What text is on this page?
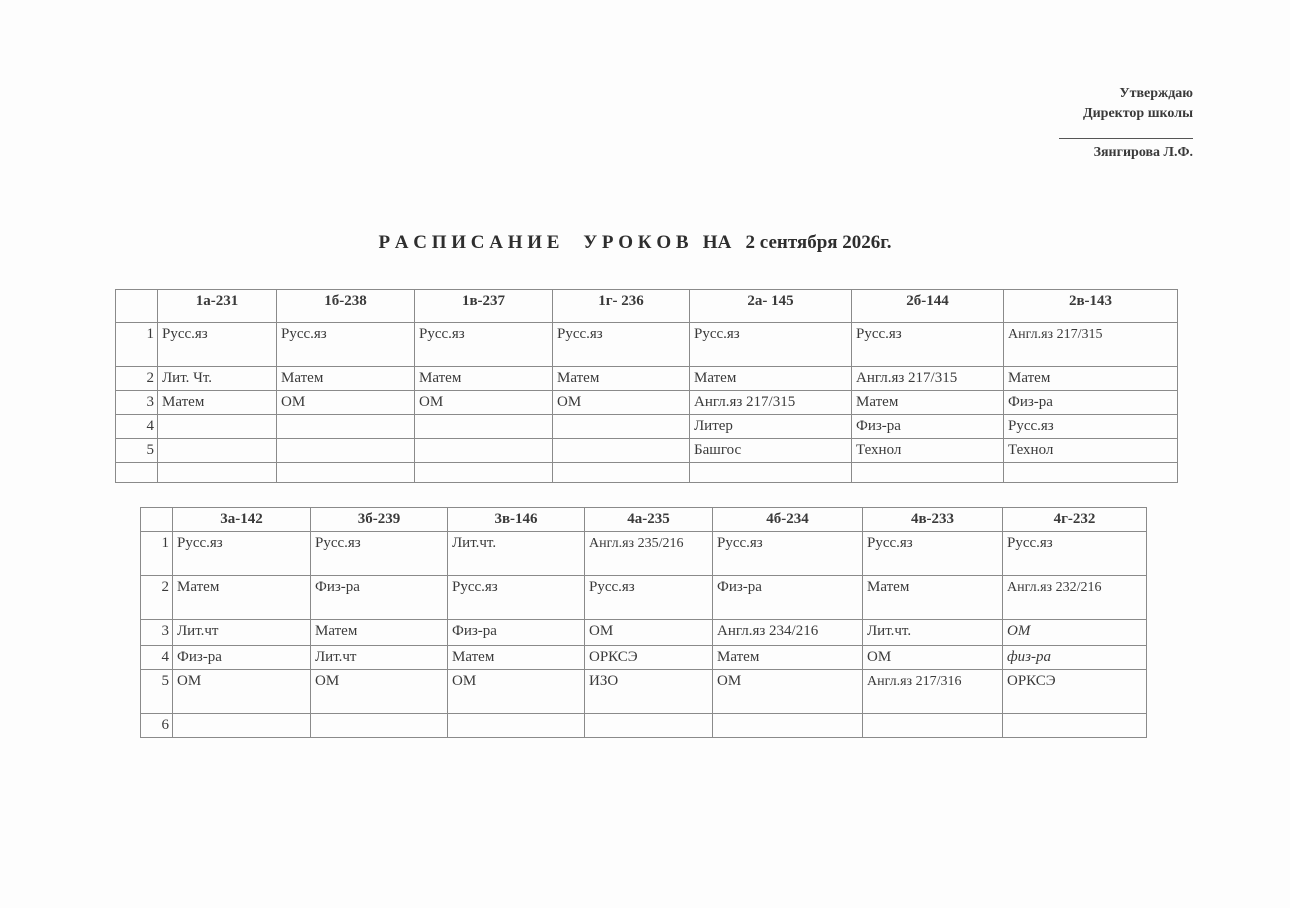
Утверждаю
Директор школы
Зянгирова Л.Ф.
Р А С П И С А Н И Е     У Р О К О В   НА   2 сентября 2026г.
	1а-231	1б-238	1в-237	1г- 236	2а- 145	2б-144	2в-143
1	Русс.яз	Русс.яз	Русс.яз	Русс.яз	Русс.яз	Русс.яз	Англ.яз 217/315
2	Лит. Чт.	Матем	Матем	Матем	Матем	Англ.яз 217/315	Матем
3	Матем	ОМ	ОМ	ОМ	Англ.яз 217/315	Матем	Физ-ра
4					Литер	Физ-ра	Русс.яз
5					Башгос	Технол	Технол

	3а-142	3б-239	3в-146	4а-235	4б-234	4в-233	4г-232
1	Русс.яз	Русс.яз	Лит.чт.	Англ.яз 235/216	Русс.яз	Русс.яз	Русс.яз
2	Матем	Физ-ра	Русс.яз	Русс.яз	Физ-ра	Матем	Англ.яз 232/216
3	Лит.чт	Матем	Физ-ра	ОМ	Англ.яз 234/216	Лит.чт.	ОМ
4	Физ-ра	Лит.чт	Матем	ОРКСЭ	Матем	ОМ	физ-ра
5	ОМ	ОМ	ОМ	ИЗО	ОМ	Англ.яз 217/316	ОРКСЭ
6							
